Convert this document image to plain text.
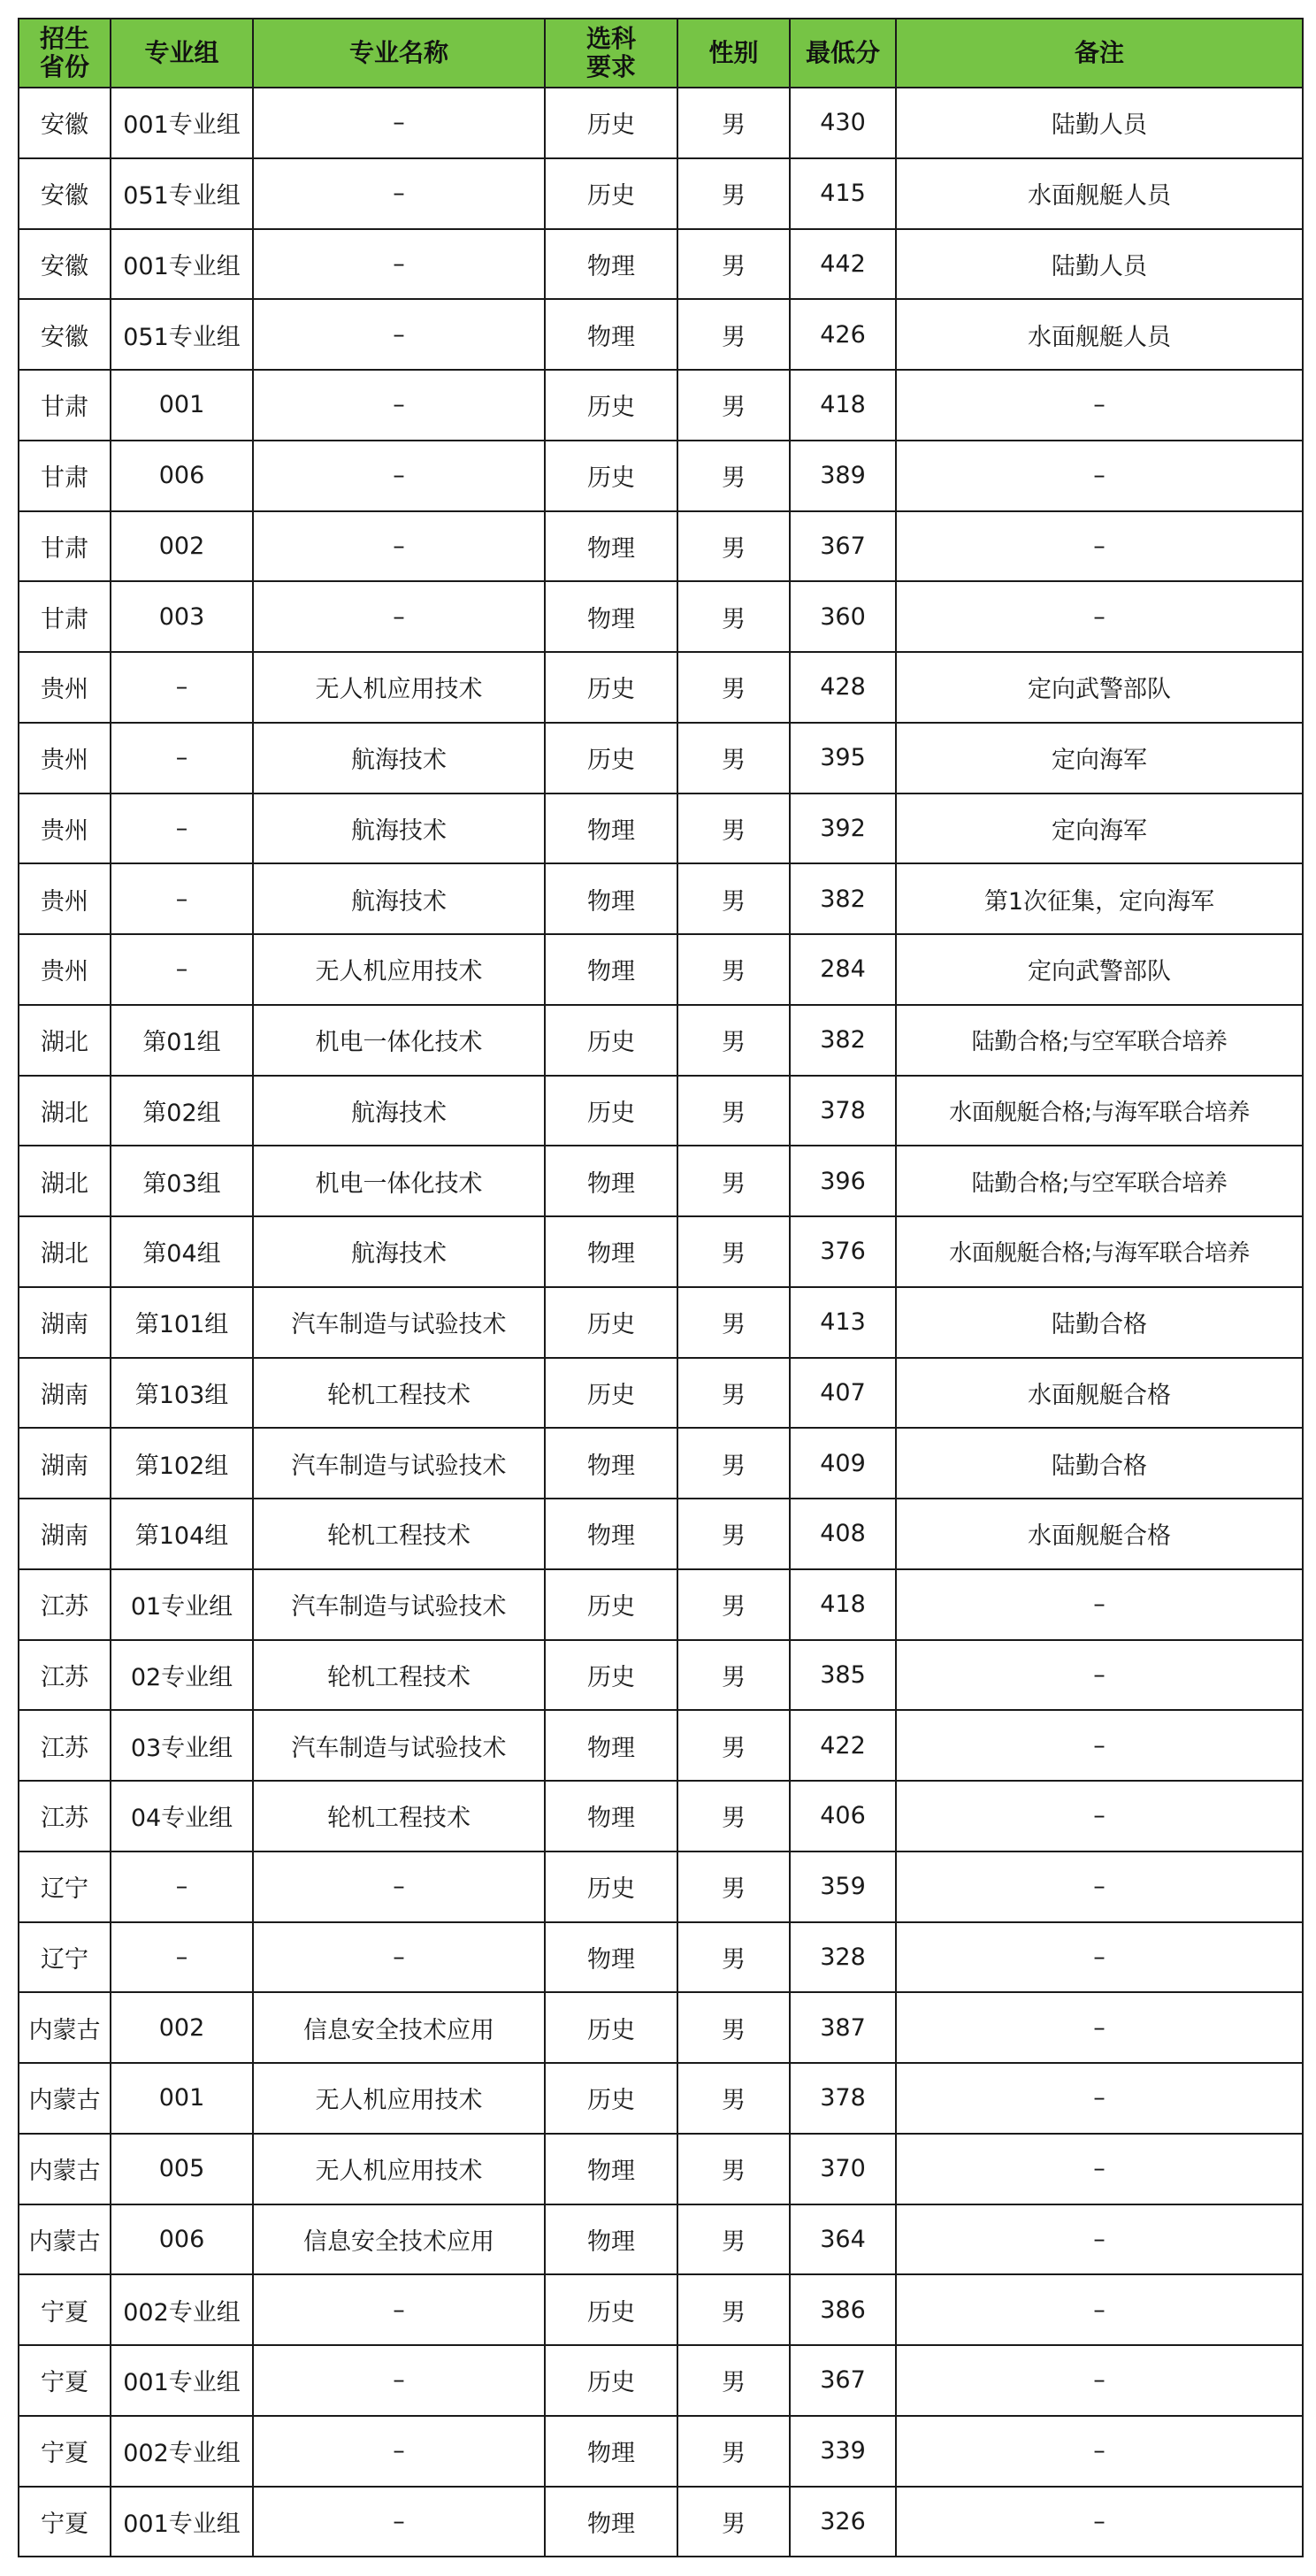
招生省份	专业组	专业名称	选科要求	性别	最低分	备注
安徽	001专业组	–	历史	男	430	陆勤人员
安徽	051专业组	–	历史	男	415	水面舰艇人员
安徽	001专业组	–	物理	男	442	陆勤人员
安徽	051专业组	–	物理	男	426	水面舰艇人员
甘肃	001	–	历史	男	418	–
甘肃	006	–	历史	男	389	–
甘肃	002	–	物理	男	367	–
甘肃	003	–	物理	男	360	–
贵州	–	无人机应用技术	历史	男	428	定向武警部队
贵州	–	航海技术	历史	男	395	定向海军
贵州	–	航海技术	物理	男	392	定向海军
贵州	–	航海技术	物理	男	382	第1次征集，定向海军
贵州	–	无人机应用技术	物理	男	284	定向武警部队
湖北	第01组	机电一体化技术	历史	男	382	陆勤合格;与空军联合培养
湖北	第02组	航海技术	历史	男	378	水面舰艇合格;与海军联合培养
湖北	第03组	机电一体化技术	物理	男	396	陆勤合格;与空军联合培养
湖北	第04组	航海技术	物理	男	376	水面舰艇合格;与海军联合培养
湖南	第101组	汽车制造与试验技术	历史	男	413	陆勤合格
湖南	第103组	轮机工程技术	历史	男	407	水面舰艇合格
湖南	第102组	汽车制造与试验技术	物理	男	409	陆勤合格
湖南	第104组	轮机工程技术	物理	男	408	水面舰艇合格
江苏	01专业组	汽车制造与试验技术	历史	男	418	–
江苏	02专业组	轮机工程技术	历史	男	385	–
江苏	03专业组	汽车制造与试验技术	物理	男	422	–
江苏	04专业组	轮机工程技术	物理	男	406	–
辽宁	–	–	历史	男	359	–
辽宁	–	–	物理	男	328	–
内蒙古	002	信息安全技术应用	历史	男	387	–
内蒙古	001	无人机应用技术	历史	男	378	–
内蒙古	005	无人机应用技术	物理	男	370	–
内蒙古	006	信息安全技术应用	物理	男	364	–
宁夏	002专业组	–	历史	男	386	–
宁夏	001专业组	–	历史	男	367	–
宁夏	002专业组	–	物理	男	339	–
宁夏	001专业组	–	物理	男	326	–
